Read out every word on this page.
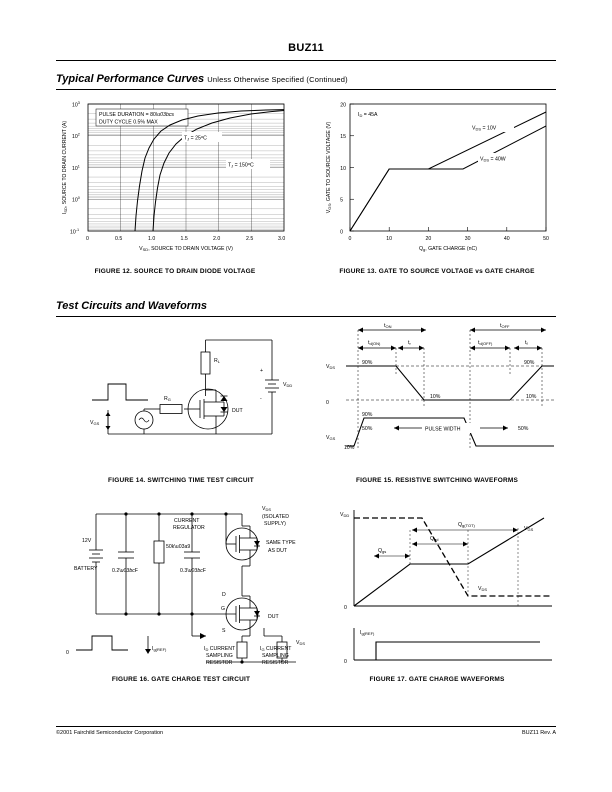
BUZ11
Typical Performance Curves Unless Otherwise Specified (Continued)
PULSE DURATION = 80\u03bcs
DUTY CYCLE 0.5% MAX
TJ = $25^oC$
TJ = $150^oC$
$10^3$
$10^2$
$10^1$
$10^0$
$10^{-1}$
0	0.5	1.0	1.5	2.0	2.5	3.0
VSD, SOURCE TO DRAIN VOLTAGE (V)
ISD, SOURCE TO DRAIN CURRENT (A)
FIGURE 12. SOURCE TO DRAIN DIODE VOLTAGE
ID = 45A
VDS = 10V
VDS = 40W
0
5
10
15
20
0	10	20	30	40	50
Qg, GATE CHARGE (nC)
VGS, GATE TO SOURCE VOLTAGE (V)
FIGURE 13. GATE TO SOURCE VOLTAGE vs GATE CHARGE
Test Circuits and Waveforms
RL
RG
VDD
+
-
DUT
VGS
FIGURE 14. SWITCHING TIME TEST CIRCUIT
tON	tOFF
td(ON)	tr	td(OFF)	tf
VDS
0
VGS
90%	90%
10%	10%
90%
50%	50%
10%
PULSE WIDTH
FIGURE 15. RESISTIVE SWITCHING WAVEFORMS
CURRENT
REGULATOR
VDS
(ISOLATED
SUPPLY)
SAME TYPE
AS DUT
DUT
12V
BATTERY	0.2\u03bcF
50k\u03a9
0.3\u03bcF
D
S
G
0
Ig(REF)	ID CURRENT
SAMPLING
RESISTOR
IG CURRENT
SAMPLING
RESISTOR
VDS
FIGURE 16. GATE CHARGE TEST CIRCUIT
VDD
0
Qg(TOT)
Qgs
Qgd
VGS
VDS
Ig(REF)
0
FIGURE 17. GATE CHARGE WAVEFORMS
©2001 Fairchild Semiconductor Corporation	BUZ11 Rev. A
